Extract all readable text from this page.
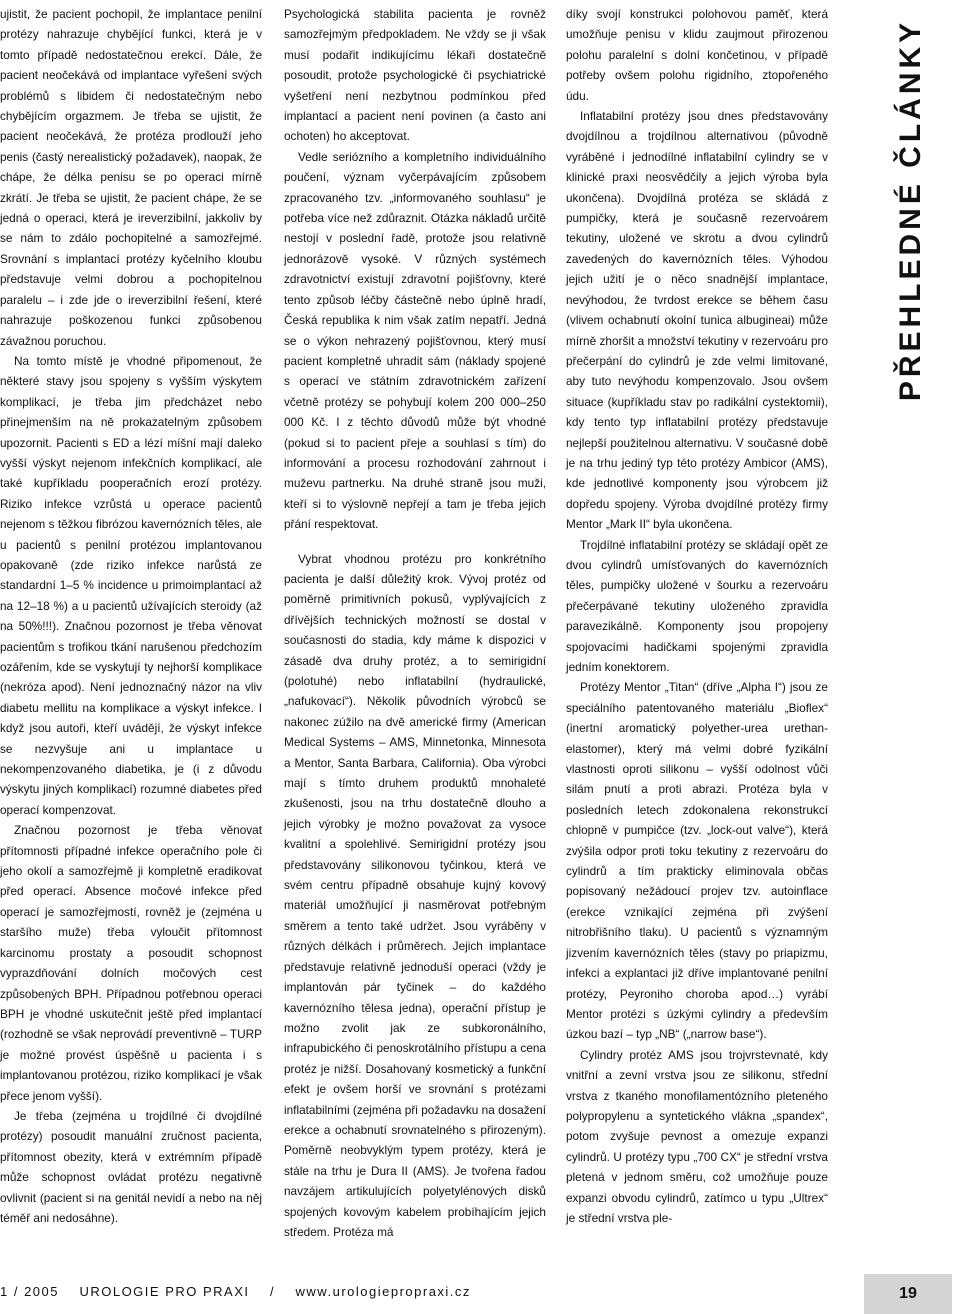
ujistit, že pacient pochopil, že implantace penilní protézy nahrazuje chybějící funkci, která je v tomto případě nedostatečnou erekcí. Dále, že pacient neočekává od implantace vyřešení svých problémů s libidem či nedostatečným nebo chybějícím orgazmem. Je třeba se ujistit, že pacient neočekává, že protéza prodlouží jeho penis (častý nerealistický požadavek), naopak, že chápe, že délka penisu se po operaci mírně zkrátí. Je třeba se ujistit, že pacient chápe, že se jedná o operaci, která je ireverzibilní, jakkoliv by se nám to zdálo pochopitelné a samozřejmé. Srovnání s implantací protézy kyčelního kloubu představuje velmi dobrou a pochopitelnou paralelu – i zde jde o ireverzibilní řešení, které nahrazuje poškozenou funkci způsobenou závažnou poruchou.

Na tomto místě je vhodné připomenout, že některé stavy jsou spojeny s vyšším výskytem komplikací, je třeba jim předcházet nebo přinejmenším na ně prokazatelným způsobem upozornit. Pacienti s ED a lézí míšní mají daleko vyšší výskyt nejenom infekčních komplikací, ale také kupříkladu pooperačních erozí protézy. Riziko infekce vzrůstá u operace pacientů nejenom s těžkou fibrózou kavernózních těles, ale u pacientů s penilní protézou implantovanou opakovaně (zde riziko infekce narůstá ze standardní 1–5 % incidence u primoimplantací až na 12–18 %) a u pacientů užívajících steroidy (až na 50%!!!). Značnou pozornost je třeba věnovat pacientům s trofikou tkání narušenou předchozím ozářením, kde se vyskytují ty nejhorší komplikace (nekróza apod). Není jednoznačný názor na vliv diabetu mellitu na komplikace a výskyt infekce. I když jsou autoři, kteří uvádějí, že výskyt infekce se nezvyšuje ani u implantace u nekompenzovaného diabetika, je (i z důvodu výskytu jiných komplikací) rozumné diabetes před operací kompenzovat.

Značnou pozornost je třeba věnovat přítomnosti případné infekce operačního pole či jeho okolí a samozřejmě ji kompletně eradikovat před operací. Absence močové infekce před operací je samozřejmostí, rovněž je (zejména u staršího muže) třeba vyloučit přítomnost karcinomu prostaty a posoudit schopnost vyprazdňování dolních močových cest způsobených BPH. Případnou potřebnou operaci BPH je vhodné uskutečnit ještě před implantací (rozhodně se však neprovádí preventivně – TURP je možné provést úspěšně u pacienta i s implantovanou protézou, riziko komplikací je však přece jenom vyšší).

Je třeba (zejména u trojdílné či dvojdílné protézy) posoudit manuální zručnost pacienta, přítomnost obezity, která v extrémním případě může schopnost ovládat protézu negativně ovlivnit (pacient si na genitál nevidí a nebo na něj téměř ani nedosáhne).

Psychologická stabilita pacienta je rovněž samozřejmým předpokladem. Ne vždy se ji však musí podařit indikujícímu lékaři dostatečně posoudit, protože psychologické či psychiatrické vyšetření není nezbytnou podmínkou před implantací a pacient není povinen (a často ani ochoten) ho akceptovat.

Vedle seriózního a kompletního individuálního poučení, význam vyčerpávajícím způsobem zpracovaného tzv. „informovaného souhlasu“ je potřeba více než zdůraznit. Otázka nákladů určitě nestojí v poslední řadě, protože jsou relativně jednorázově vysoké. V různých systémech zdravotnictví existují zdravotní pojišťovny, které tento způsob léčby částečně nebo úplně hradí, Česká republika k nim však zatím nepatří. Jedná se o výkon nehrazený pojišťovnou, který musí pacient kompletně uhradit sám (náklady spojené s operací ve státním zdravotnickém zařízení včetně protézy se pohybují kolem 200 000–250 000 Kč. I z těchto důvodů může být vhodné (pokud si to pacient přeje a souhlasí s tím) do informování a procesu rozhodování zahrnout i muževu partnerku. Na druhé straně jsou muži, kteří si to výslovně nepřejí a tam je třeba jejich přání respektovat.

Vybrat vhodnou protézu pro konkrétního pacienta je další důležitý krok. Vývoj protéz od poměrně primitivních pokusů, vyplývajících z dřívějších technických možností se dostal v současnosti do stadia, kdy máme k dispozici v zásadě dva druhy protéz, a to semirigidní (polotuhé) nebo inflatabilní (hydraulické, „nafukovací“). Několik původních výrobců se nakonec zúžilo na dvě americké firmy (American Medical Systems – AMS, Minnetonka, Minnesota a Mentor, Santa Barbara, California). Oba výrobci mají s tímto druhem produktů mnohaleté zkušenosti, jsou na trhu dostatečně dlouho a jejich výrobky je možno považovat za vysoce kvalitní a spolehlivé. Semirigidní protézy jsou představovány silikonovou tyčinkou, která ve svém centru případně obsahuje kujný kovový materiál umožňující ji nasměrovat potřebným směrem a tento také udržet. Jsou vyráběny v různých délkách i průměrech. Jejich implantace představuje relativně jednoduší operaci (vždy je implantován pár tyčinek – do každého kavernózního tělesa jedna), operační přístup je možno zvolit jak ze subkoronálního, infrapubického či penoskrotálního přístupu a cena protéz je nižší. Dosahovaný kosmetický a funkční efekt je ovšem horší ve srovnání s protézami inflatabilními (zejména při požadavku na dosažení erekce a ochabnutí srovnatelného s přirozeným). Poměrně neobvyklým typem protézy, která je stále na trhu je Dura II (AMS). Je tvořena řadou navzájem artikulujících polyetylénových disků spojených kovovým kabelem probíhajícím jejich středem. Protéza má

díky svojí konstrukci polohovou paměť, která umožňuje penisu v klidu zaujmout přirozenou polohu paralelní s dolní končetinou, v případě potřeby ovšem polohu rigidního, ztopořeného údu.

Inflatabilní protézy jsou dnes představovány dvojdílnou a trojdílnou alternativou (původně vyráběné i jednodílné inflatabilní cylindry se v klinické praxi neosvědčily a jejich výroba byla ukončena). Dvojdílná protéza se skládá z pumpičky, která je současně rezervoárem tekutiny, uložené ve skrotu a dvou cylindrů zavedených do kavernózních těles. Výhodou jejich užití je o něco snadnější implantace, nevýhodou, že tvrdost erekce se během času (vlivem ochabnutí okolní tunica albugineai) může mírně zhoršit a množství tekutiny v rezervoáru pro přečerpání do cylindrů je zde velmi limitované, aby tuto nevýhodu kompenzovalo. Jsou ovšem situace (kupříkladu stav po radikální cystektomii), kdy tento typ inflatabilní protézy představuje nejlepší použitelnou alternativu. V současné době je na trhu jediný typ této protézy Ambicor (AMS), kde jednotlivé komponenty jsou výrobcem již dopředu spojeny. Výroba dvojdílné protézy firmy Mentor „Mark II“ byla ukončena.

Trojdílné inflatabilní protézy se skládají opět ze dvou cylindrů umísťovaných do kavernózních těles, pumpičky uložené v šourku a rezervoáru přečerpávané tekutiny uloženého zpravidla paravezikálně. Komponenty jsou propojeny spojovacími hadičkami spojenými zpravidla jedním konektorem.

Protézy Mentor „Titan“ (dříve „Alpha I“) jsou ze speciálního patentovaného materiálu „Bioflex“ (inertní aromatický polyether-urea urethan-elastomer), který má velmi dobré fyzikální vlastnosti oproti silikonu – vyšší odolnost vůči silám pnutí a proti abrazi. Protéza byla v posledních letech zdokonalena rekonstrukcí chlopně v pumpičce (tzv. „lock-out valve“), která zvýšila odpor proti toku tekutiny z rezervoáru do cylindrů a tím prakticky eliminovala občas popisovaný nežádoucí projev tzv. autoinflace (erekce vznikající zejména při zvýšení nitrobřišního tlaku). U pacientů s významným jizvením kavernózních těles (stavy po priapizmu, infekci a explantaci již dříve implantované penilní protézy, Peyroniho choroba apod…) vyrábí Mentor protézi s úzkými cylindry a především úzkou bazí – typ „NB“ („narrow base“).

Cylindry protéz AMS jsou trojvrstevnaté, kdy vnitřní a zevní vrstva jsou ze silikonu, střední vrstva z tkaného monofilamentózního pleteného polypropylenu a syntetického vlákna „spandex“, potom zvyšuje pevnost a omezuje expanzi cylindrů. U protézy typu „700 CX“ je střední vrstva pletená v jednom směru, což umožňuje pouze expanzi obvodu cylindrů, zatímco u typu „Ultrex“ je střední vrstva ple-

PŘEHLEDNÉ ČLÁNKY
1 / 2005 UROLOGIE PRO PRAXI / www.urologiepropraxi.cz	19
